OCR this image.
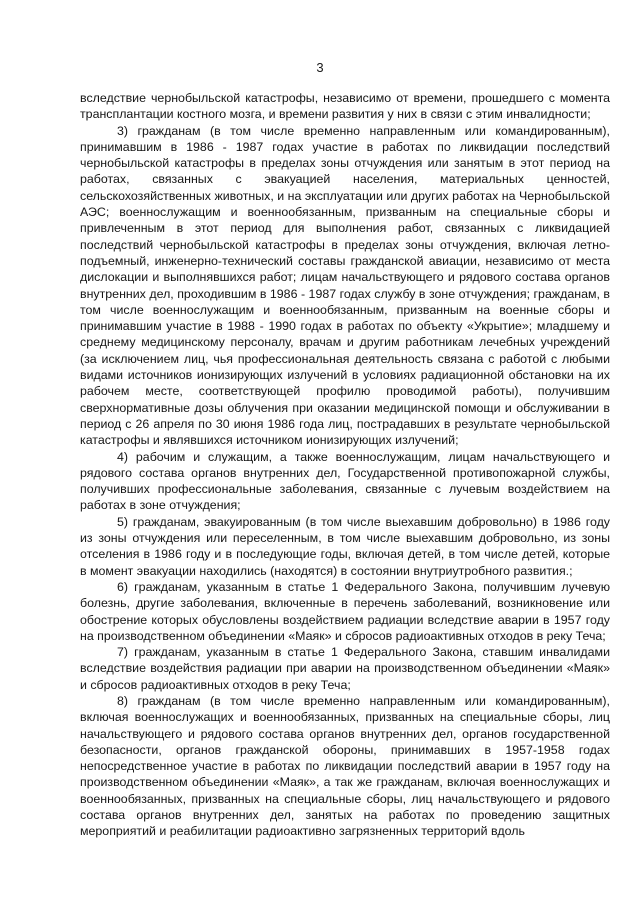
3

вследствие чернобыльской катастрофы, независимо от времени, прошедшего с момента трансплантации костного мозга, и времени развития у них в связи с этим инвалидности;

3) гражданам (в том числе временно направленным или командированным), принимавшим в 1986 - 1987 годах участие в работах по ликвидации последствий чернобыльской катастрофы в пределах зоны отчуждения или занятым в этот период на работах, связанных с эвакуацией населения, материальных ценностей, сельскохозяйственных животных, и на эксплуатации или других работах на Чернобыльской АЭС; военнослужащим и военнообязанным, призванным на специальные сборы и привлеченным в этот период для выполнения работ, связанных с ликвидацией последствий чернобыльской катастрофы в пределах зоны отчуждения, включая летно-подъемный, инженерно-технический составы гражданской авиации, независимо от места дислокации и выполнявшихся работ; лицам начальствующего и рядового состава органов внутренних дел, проходившим в 1986 - 1987 годах службу в зоне отчуждения; гражданам, в том числе военнослужащим и военнообязанным, призванным на военные сборы и принимавшим участие в 1988 - 1990 годах в работах по объекту «Укрытие»; младшему и среднему медицинскому персоналу, врачам и другим работникам лечебных учреждений (за исключением лиц, чья профессиональная деятельность связана с работой с любыми видами источников ионизирующих излучений в условиях радиационной обстановки на их рабочем месте, соответствующей профилю проводимой работы), получившим сверхнормативные дозы облучения при оказании медицинской помощи и обслуживании в период с 26 апреля по 30 июня 1986 года лиц, пострадавших в результате чернобыльской катастрофы и являвшихся источником ионизирующих излучений;

4) рабочим и служащим, а также военнослужащим, лицам начальствующего и рядового состава органов внутренних дел, Государственной противопожарной службы, получивших профессиональные заболевания, связанные с лучевым воздействием на работах в зоне отчуждения;

5) гражданам, эвакуированным (в том числе выехавшим добровольно) в 1986 году из зоны отчуждения или переселенным, в том числе выехавшим добровольно, из зоны отселения в 1986 году и в последующие годы, включая детей, в том числе детей, которые в момент эвакуации находились (находятся) в состоянии внутриутробного развития.;

6) гражданам, указанным в статье 1 Федерального Закона, получившим лучевую болезнь, другие заболевания, включенные в перечень заболеваний, возникновение или обострение которых обусловлены воздействием радиации вследствие аварии в 1957 году на производственном объединении «Маяк» и сбросов радиоактивных отходов в реку Теча;

7) гражданам, указанным в статье 1 Федерального Закона, ставшим инвалидами вследствие воздействия радиации при аварии на производственном объединении «Маяк» и сбросов радиоактивных отходов в реку Теча;

8) гражданам (в том числе временно направленным или командированным), включая военнослужащих и военнообязанных, призванных на специальные сборы, лиц начальствующего и рядового состава органов внутренних дел, органов государственной безопасности, органов гражданской обороны, принимавших в 1957-1958 годах непосредственное участие в работах по ликвидации последствий аварии в 1957 году на производственном объединении «Маяк», а так же гражданам, включая военнослужащих и военнообязанных, призванных на специальные сборы, лиц начальствующего и рядового состава органов внутренних дел, занятых на работах по проведению защитных мероприятий и реабилитации радиоактивно загрязненных территорий вдоль
